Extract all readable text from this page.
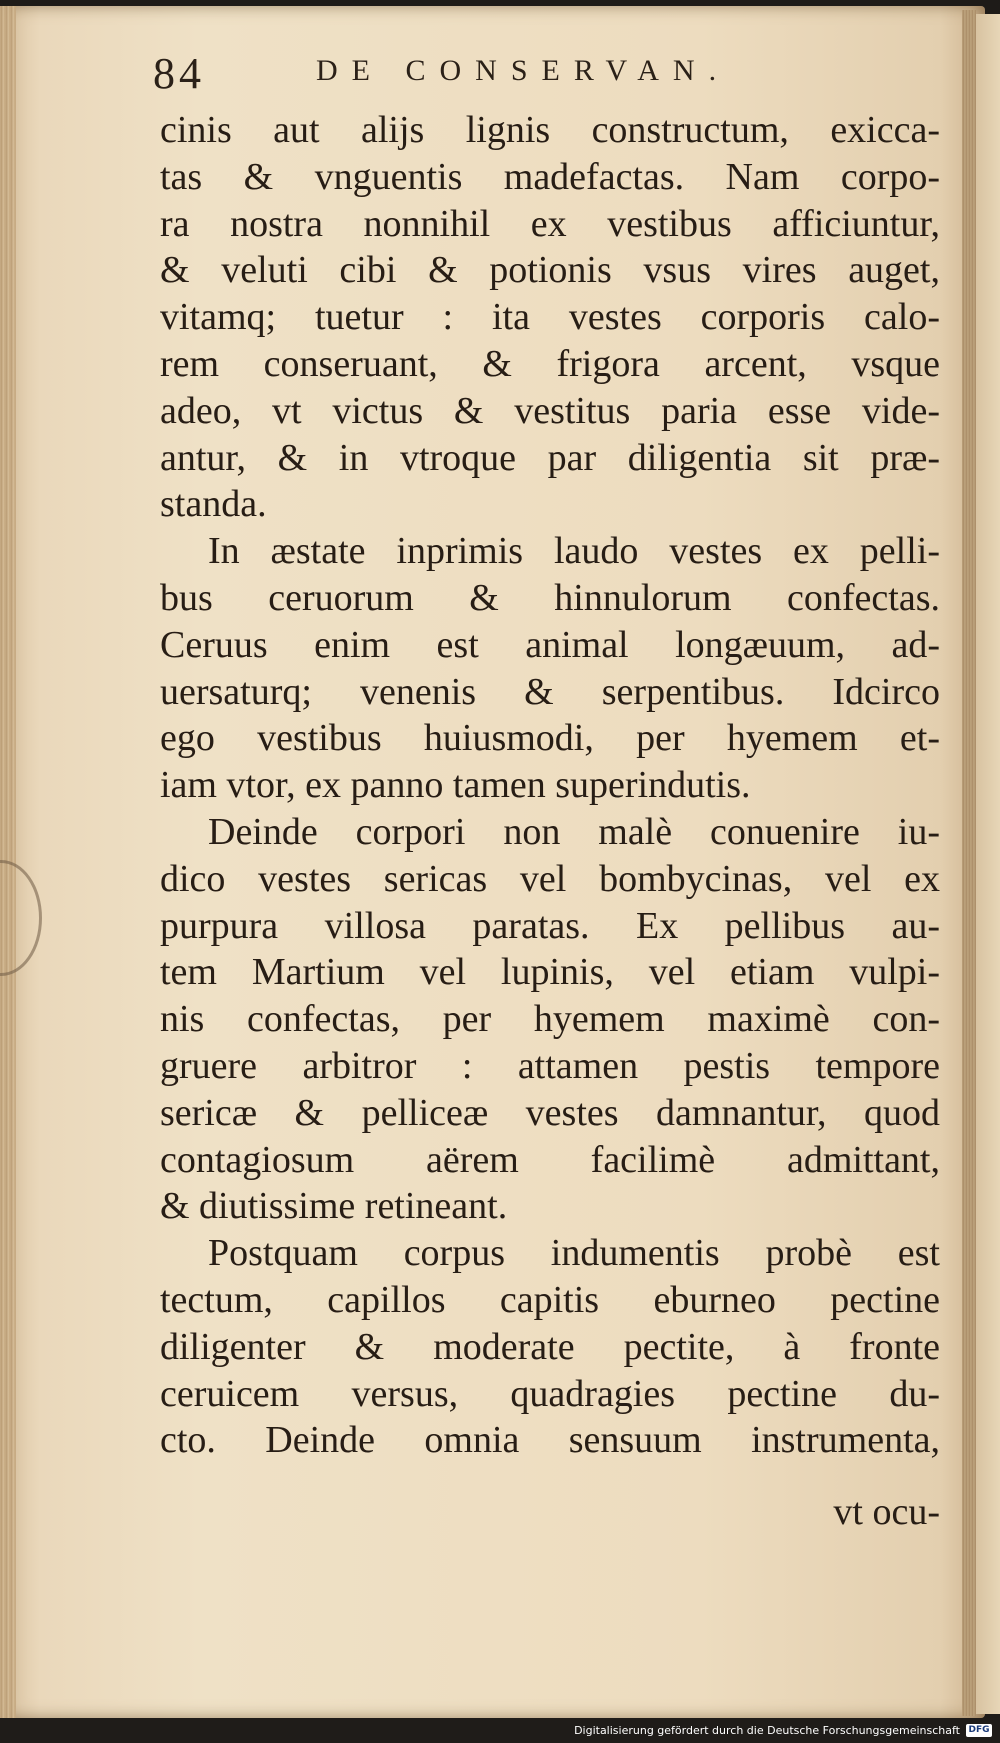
84	DE CONSERVAN.
cinis aut alijs lignis constructum, exicca-
tas & vnguentis madefactas. Nam corpo-
ra nostra nonnihil ex vestibus afficiuntur,
& veluti cibi & potionis vsus vires auget,
vitamq; tuetur : ita vestes corporis calo-
rem conseruant, & frigora arcent, vsque
adeo, vt victus & vestitus paria esse vide-
antur, & in vtroque par diligentia sit præ-
standa.
In æstate inprimis laudo vestes ex pelli-
bus ceruorum & hinnulorum confectas.
Ceruus enim est animal longæuum, ad-
uersaturq; venenis & serpentibus. Idcirco
ego vestibus huiusmodi, per hyemem et-
iam vtor, ex panno tamen superindutis.
Deinde corpori non malè conuenire iu-
dico vestes sericas vel bombycinas, vel ex
purpura villosa paratas. Ex pellibus au-
tem Martium vel lupinis, vel etiam vulpi-
nis confectas, per hyemem maximè con-
gruere arbitror : attamen pestis tempore
sericæ & pelliceæ vestes damnantur, quod
contagiosum aërem facilimè admittant,
& diutissime retineant.
Postquam corpus indumentis probè est
tectum, capillos capitis eburneo pectine
diligenter & moderate pectite, à fronte
ceruicem versus, quadragies pectine du-
cto. Deinde omnia sensuum instrumenta,
vt ocu-
Digitalisierung gefördert durch die Deutsche Forschungsgemeinschaft DFG
